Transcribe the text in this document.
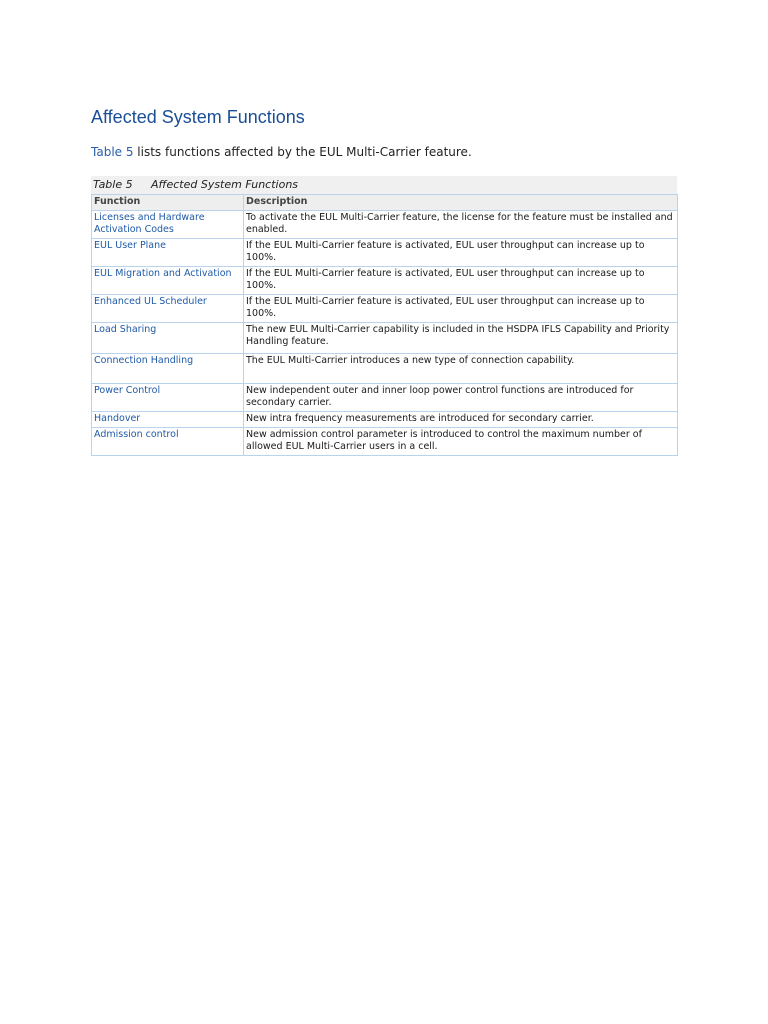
Affected System Functions

Table 5 lists functions affected by the EUL Multi-Carrier feature.

Table 5 Affected System Functions
Function	Description
Licenses and Hardware Activation Codes	To activate the EUL Multi-Carrier feature, the license for the feature must be installed and enabled.
EUL User Plane	If the EUL Multi-Carrier feature is activated, EUL user throughput can increase up to 100%.
EUL Migration and Activation	If the EUL Multi-Carrier feature is activated, EUL user throughput can increase up to 100%.
Enhanced UL Scheduler	If the EUL Multi-Carrier feature is activated, EUL user throughput can increase up to 100%.
Load Sharing	The new EUL Multi-Carrier capability is included in the HSDPA IFLS Capability and Priority Handling feature.
Connection Handling	The EUL Multi-Carrier introduces a new type of connection capability.
Power Control	New independent outer and inner loop power control functions are introduced for secondary carrier.
Handover	New intra frequency measurements are introduced for secondary carrier.
Admission control	New admission control parameter is introduced to control the maximum number of allowed EUL Multi-Carrier users in a cell.
